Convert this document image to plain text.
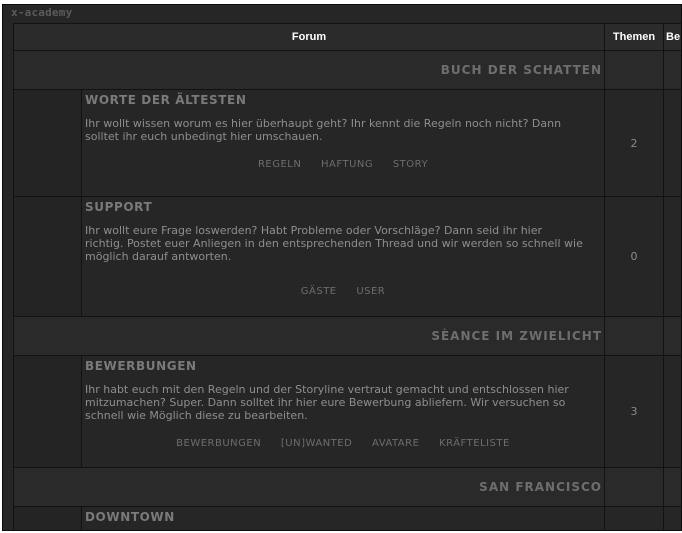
x-academy
Forum		Themen	Be
BUCH DER SCHATTEN			

	WORTE DER ÄLTESTEN
Ihr wollt wissen worum es hier überhaupt geht? Ihr kennt die Regeln noch nicht? Dann
solltet ihr euch unbedingt hier umschauen.
REGELN HAFTUNG STORY	2	

	SUPPORT
Ihr wollt eure Frage loswerden? Habt Probleme oder Vorschläge? Dann seid ihr hier
richtig. Postet euer Anliegen in den entsprechenden Thread und wir werden so schnell wie
möglich darauf antworten.
GÄSTE USER	0	
SÈANCE IM ZWIELICHT			

	BEWERBUNGEN
Ihr habt euch mit den Regeln und der Storyline vertraut gemacht und entschlossen hier
mitzumachen? Super. Dann solltet ihr hier eure Bewerbung abliefern. Wir versuchen so
schnell wie Möglich diese zu bearbeiten.
BEWERBUNGEN [UN]WANTED AVATARE KRÄFTELISTE	3	
SAN FRANCISCO			

	DOWNTOWN		
